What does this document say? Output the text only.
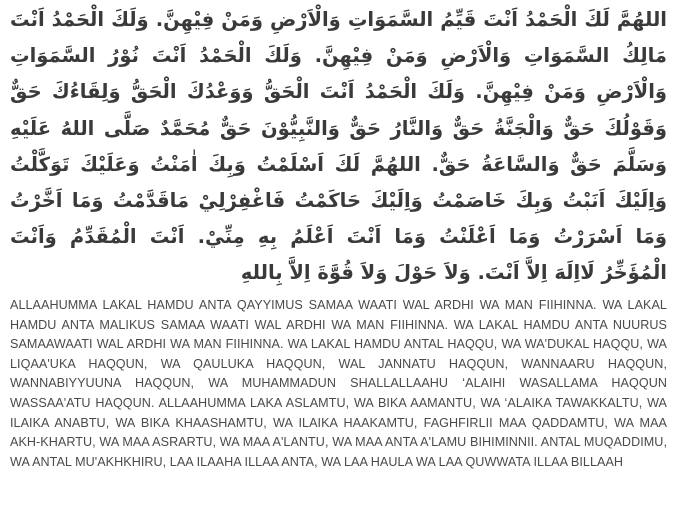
اللهُمَّ لَكَ الْحَمْدُ اَنْتَ قَيِّمُ السَّمَوَاتِ وَالْاَرْضِ وَمَنْ فِيْهِنَّ. وَلَكَ الْحَمْدُ اَنْتَ مَالِكُ السَّمَوَاتِ وَالْاَرْضِ وَمَنْ فِيْهِنَّ. وَلَكَ الْحَمْدُ اَنْتَ نُوْرُ السَّمَوَاتِ وَالْاَرْضِ وَمَنْ فِيْهِنَّ. وَلَكَ الْحَمْدُ اَنْتَ الْحَقُّ وَوَعْدُكَ الْحَقُّ وَلِقَاءُكَ حَقٌّ وَقَوْلُكَ حَقٌّ وَالْجَنَّةُ حَقٌّ وَالنَّارُ حَقٌّ وَالنَّبِيُّوْنَ حَقٌّ مُحَمَّدٌ صَلَّى اللهُ عَلَيْهِ وَسَلَّمَ حَقٌّ وَالسَّاعَةُ حَقٌّ. اللهُمَّ لَكَ اَسْلَمْتُ وَبِكَ اٰمَنْتُ وَعَلَيْكَ تَوَكَّلْتُ وَاِلَيْكَ اَنَبْتُ وَبِكَ خَاصَمْتُ وَاِلَيْكَ حَاكَمْتُ فَاغْفِرْلِيْ مَاقَدَّمْتُ وَمَا اَخَّرْتُ وَمَا اَسْرَرْتُ وَمَا اَعْلَنْتُ وَمَا اَنْتَ اَعْلَمُ بِهِ مِنِّيْ. اَنْتَ الْمُقَدِّمُ وَاَنْتَ الْمُؤَخِّرُ لَااِلَهَ اِلاَّ اَنْتَ. وَلاَ حَوْلَ وَلاَ قُوَّةَ اِلاَّ بِاللهِ

ALLAAHUMMA LAKAL HAMDU ANTA QAYYIMUS SAMAA WAATI WAL ARDHI WA MAN FIIHINNA. WA LAKAL HAMDU ANTA MALIKUS SAMAA WAATI WAL ARDHI WA MAN FIIHINNA. WA LAKAL HAMDU ANTA NUURUS SAMAAWAATI WAL ARDHI WA MAN FIIHINNA. WA LAKAL HAMDU ANTAL HAQQU, WA WA'DUKAL HAQQU, WA LIQAA'UKA HAQQUN, WA QAULUKA HAQQUN, WAL JANNATU HAQQUN, WANNAARU HAQQUN, WANNABIYYUUNA HAQQUN, WA MUHAMMADUN SHALLALLAAHU ‘ALAIHI WASALLAMA HAQQUN WASSAA'ATU HAQQUN. ALLAAHUMMA LAKA ASLAMTU, WA BIKA AAMANTU, WA ‘ALAIKA TAWAKKALTU, WA ILAIKA ANABTU, WA BIKA KHAASHAMTU, WA ILAIKA HAAKAMTU, FAGHFIRLII MAA QADDAMTU, WA MAA AKH-KHARTU, WA MAA ASRARTU, WA MAA A'LANTU, WA MAA ANTA A'LAMU BIHIMINNII. ANTAL MUQADDIMU, WA ANTAL MU'AKHKHIRU, LAA ILAAHA ILLAA ANTA, WA LAA HAULA WA LAA QUWWATA ILLAA BILLAAH
